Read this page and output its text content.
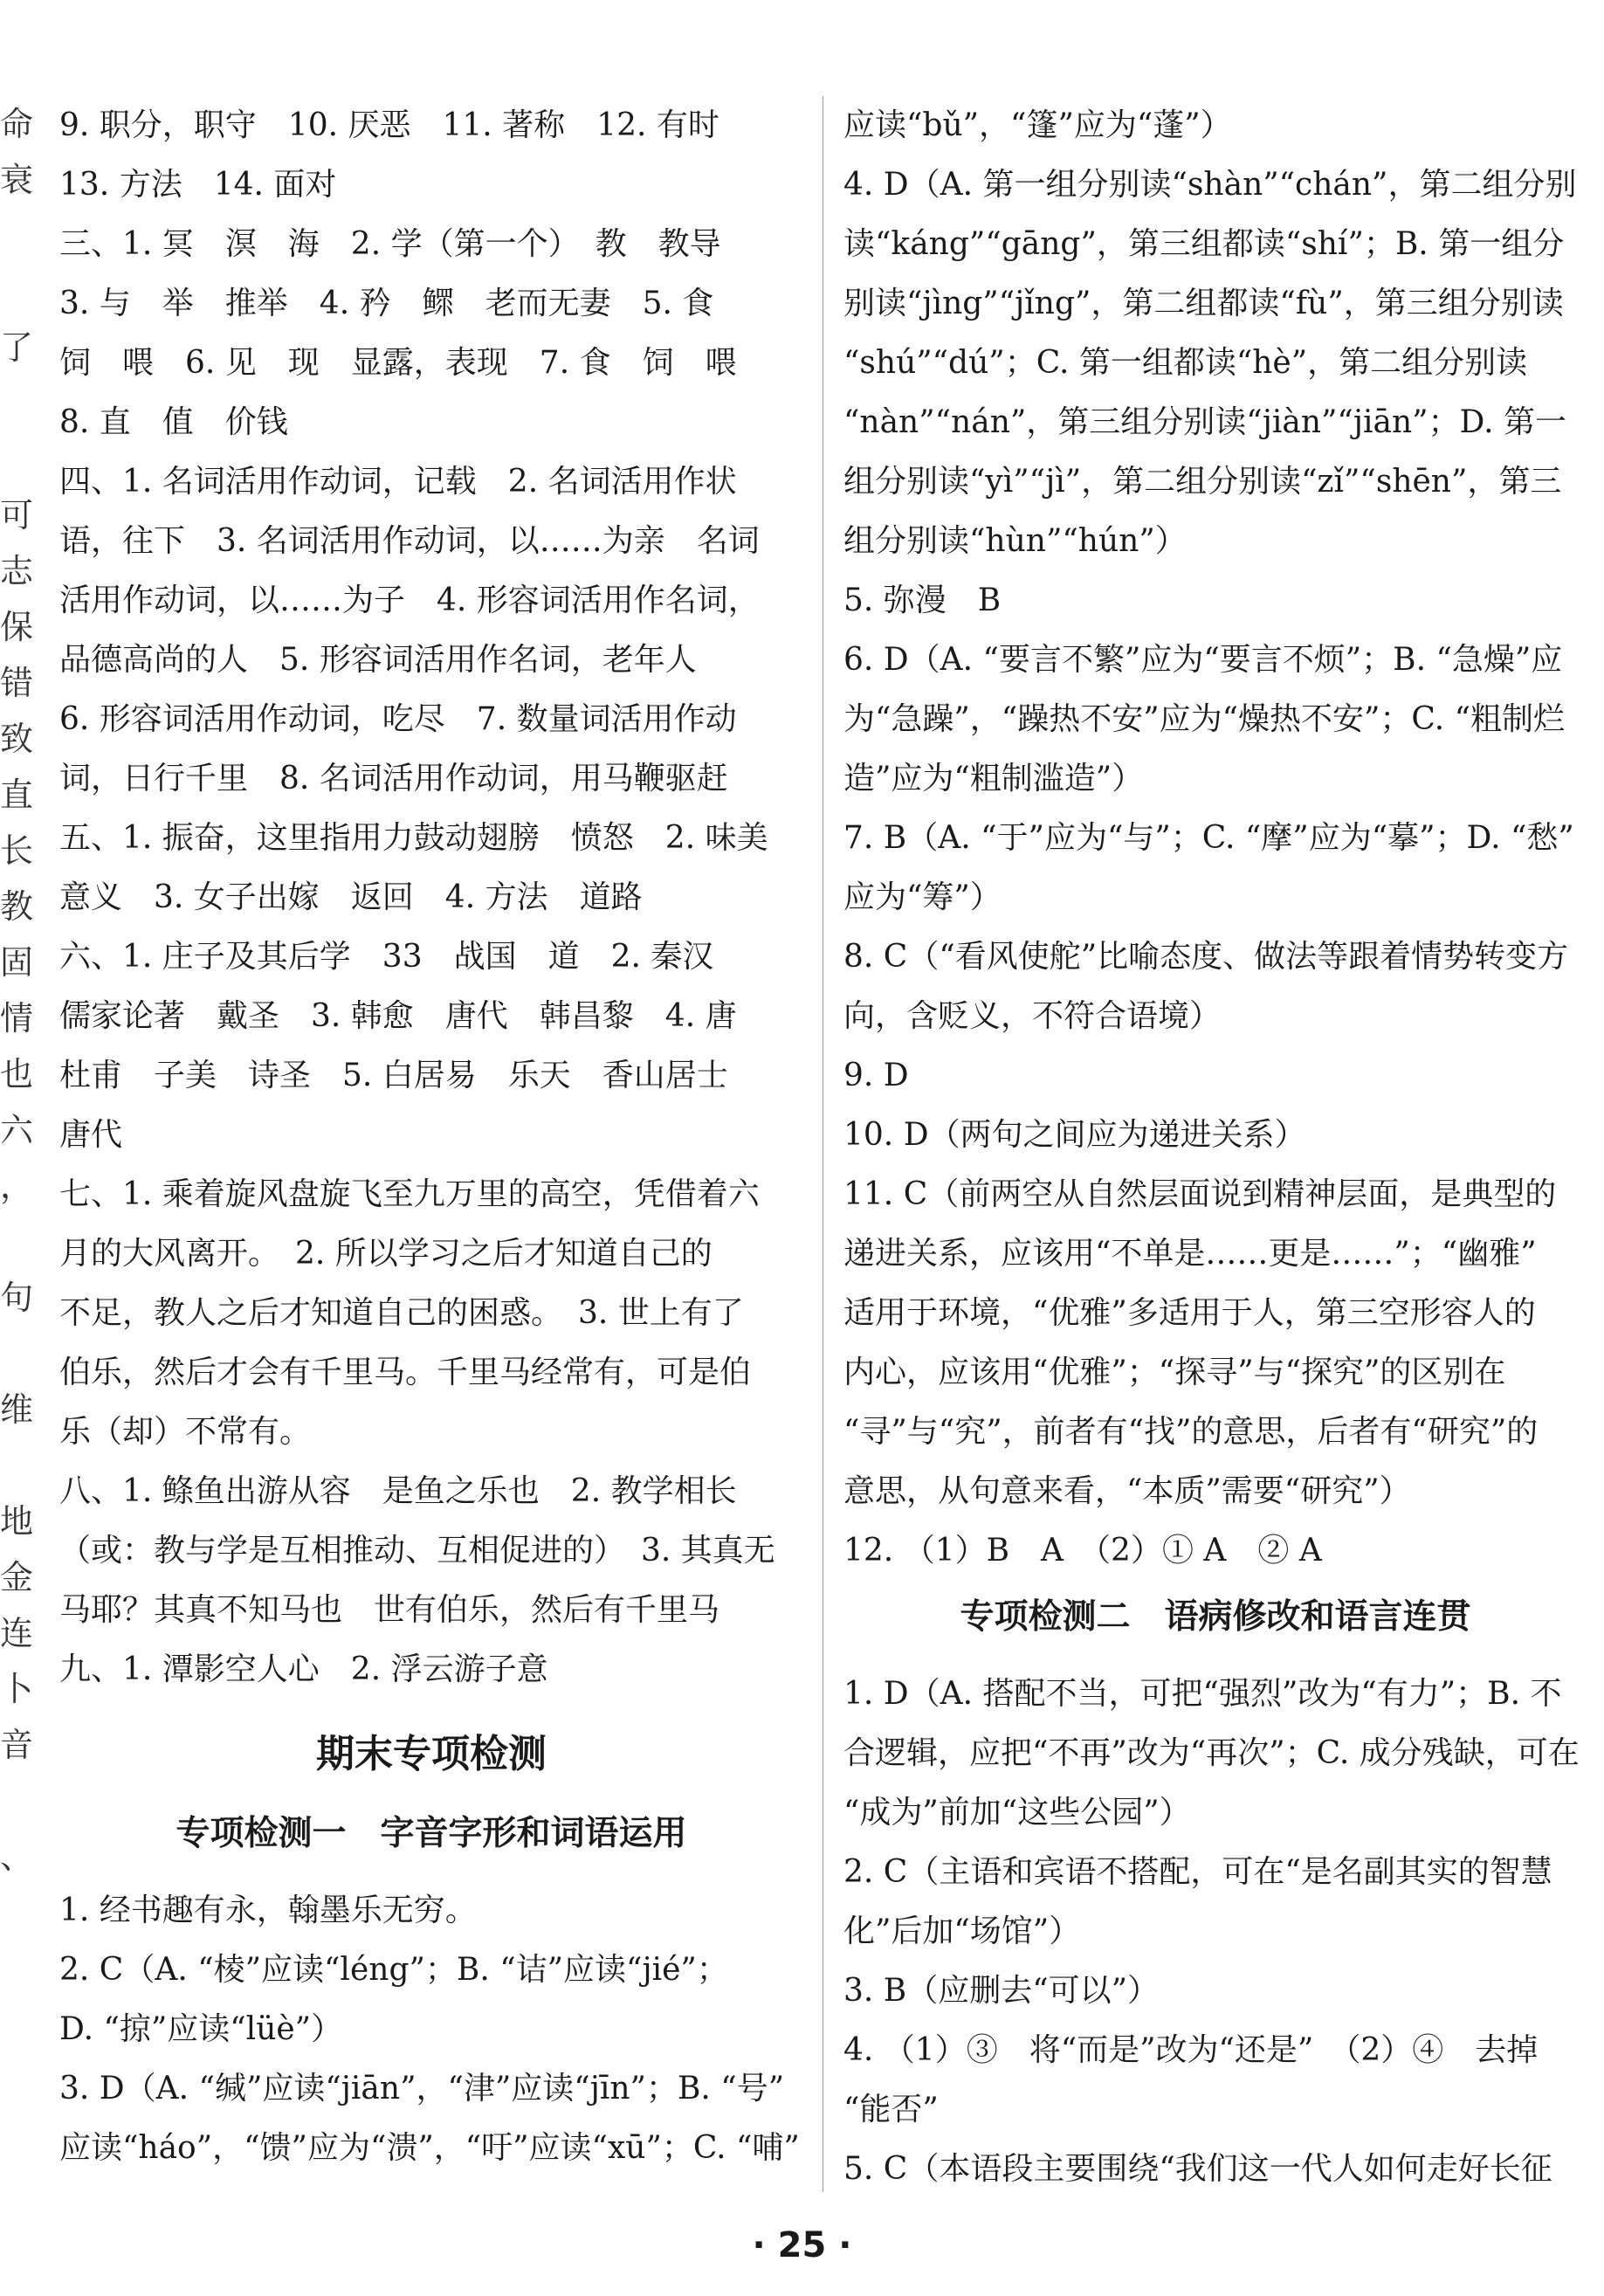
命
衰

了

可
志
保
错
致
直
长
教
固
情
也
六
，

句

维

地
金
连
卜
音

、
9. 职分，职守　10. 厌恶　11. 著称　12. 有时
13. 方法　14. 面对
三、1. 冥　溟　海　2. 学（第一个）　教　教导
3. 与　举　推举　4. 矜　鳏　老而无妻　5. 食
饲　喂　6. 见　现　显露，表现　7. 食　饲　喂
8. 直　值　价钱
四、1. 名词活用作动词，记载　2. 名词活用作状
语，往下　3. 名词活用作动词，以……为亲　名词
活用作动词，以……为子　4. 形容词活用作名词，
品德高尚的人　5. 形容词活用作名词，老年人
6. 形容词活用作动词，吃尽　7. 数量词活用作动
词，日行千里　8. 名词活用作动词，用马鞭驱赶
五、1. 振奋，这里指用力鼓动翅膀　愤怒　2. 味美
意义　3. 女子出嫁　返回　4. 方法　道路
六、1. 庄子及其后学　33　战国　道　2. 秦汉
儒家论著　戴圣　3. 韩愈　唐代　韩昌黎　4. 唐
杜甫　子美　诗圣　5. 白居易　乐天　香山居士
唐代
七、1. 乘着旋风盘旋飞至九万里的高空，凭借着六
月的大风离开。　2. 所以学习之后才知道自己的
不足，教人之后才知道自己的困惑。　3. 世上有了
伯乐，然后才会有千里马。千里马经常有，可是伯
乐（却）不常有。
八、1. 鲦鱼出游从容　是鱼之乐也　2. 教学相长
（或：教与学是互相推动、互相促进的）　3. 其真无
马耶？其真不知马也　世有伯乐，然后有千里马
九、1. 潭影空人心　2. 浮云游子意
期末专项检测
专项检测一　字音字形和词语运用
1. 经书趣有永，翰墨乐无穷。
2. C（A. “棱”应读“léng”；B. “诘”应读“jié”；
D. “掠”应读“lüè”）
3. D（A. “缄”应读“jiān”，“津”应读“jīn”；B. “号”
应读“háo”，“馈”应为“溃”，“吁”应读“xū”；C. “哺”
应读“bǔ”，“篷”应为“蓬”）
4. D（A. 第一组分别读“shàn”“chán”，第二组分别
读“káng”“gāng”，第三组都读“shí”；B. 第一组分
别读“jìng”“jǐng”，第二组都读“fù”，第三组分别读
“shú”“dú”；C. 第一组都读“hè”，第二组分别读
“nàn”“nán”，第三组分别读“jiàn”“jiān”；D. 第一
组分别读“yì”“jì”，第二组分别读“zǐ”“shēn”，第三
组分别读“hùn”“hún”）
5. 弥漫　B
6. D（A. “要言不繁”应为“要言不烦”；B. “急燥”应
为“急躁”，“躁热不安”应为“燥热不安”；C. “粗制烂
造”应为“粗制滥造”）
7. B（A. “于”应为“与”；C. “摩”应为“摹”；D. “愁”
应为“筹”）
8. C（“看风使舵”比喻态度、做法等跟着情势转变方
向，含贬义，不符合语境）
9. D
10. D（两句之间应为递进关系）
11. C（前两空从自然层面说到精神层面，是典型的
递进关系，应该用“不单是……更是……”；“幽雅”
适用于环境，“优雅”多适用于人，第三空形容人的
内心，应该用“优雅”；“探寻”与“探究”的区别在
“寻”与“究”，前者有“找”的意思，后者有“研究”的
意思，从句意来看，“本质”需要“研究”）
12. （1）B　A　（2）① A　② A
专项检测二　语病修改和语言连贯
1. D（A. 搭配不当，可把“强烈”改为“有力”；B. 不
合逻辑，应把“不再”改为“再次”；C. 成分残缺，可在
“成为”前加“这些公园”）
2. C（主语和宾语不搭配，可在“是名副其实的智慧
化”后加“场馆”）
3. B（应删去“可以”）
4. （1）③　将“而是”改为“还是”　（2）④　去掉
“能否”
5. C（本语段主要围绕“我们这一代人如何走好长征
· 25 ·
